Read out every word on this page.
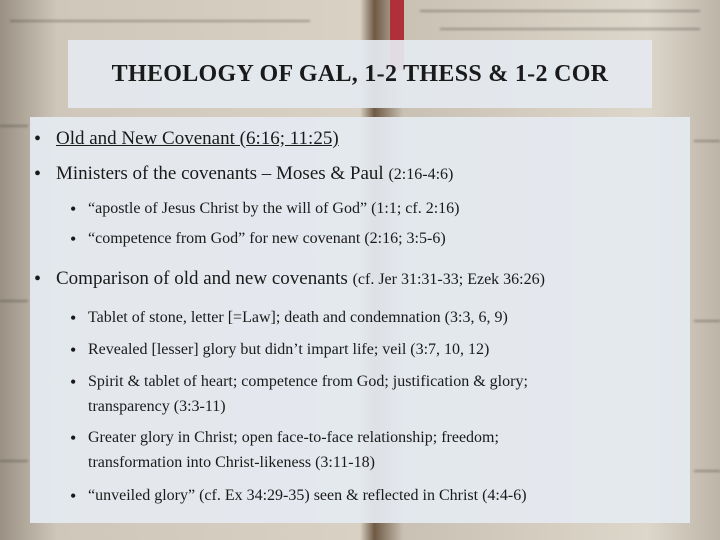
THEOLOGY OF GAL, 1-2 THESS & 1-2 COR
• Old and New Covenant (6:16; 11:25)
• Ministers of the covenants – Moses & Paul (2:16-4:6)
• “apostle of Jesus Christ by the will of God” (1:1; cf. 2:16)
• “competence from God” for new covenant (2:16; 3:5-6)
• Comparison of old and new covenants (cf. Jer 31:31-33; Ezek 36:26)
• Tablet of stone, letter [=Law]; death and condemnation (3:3, 6, 9)
• Revealed [lesser] glory but didn’t impart life; veil (3:7, 10, 12)
• Spirit & tablet of heart; competence from God; justification & glory;
transparency (3:3-11)
• Greater glory in Christ; open face-to-face relationship; freedom;
transformation into Christ-likeness (3:11-18)
• “unveiled glory” (cf. Ex 34:29-35) seen & reflected in Christ (4:4-6)
